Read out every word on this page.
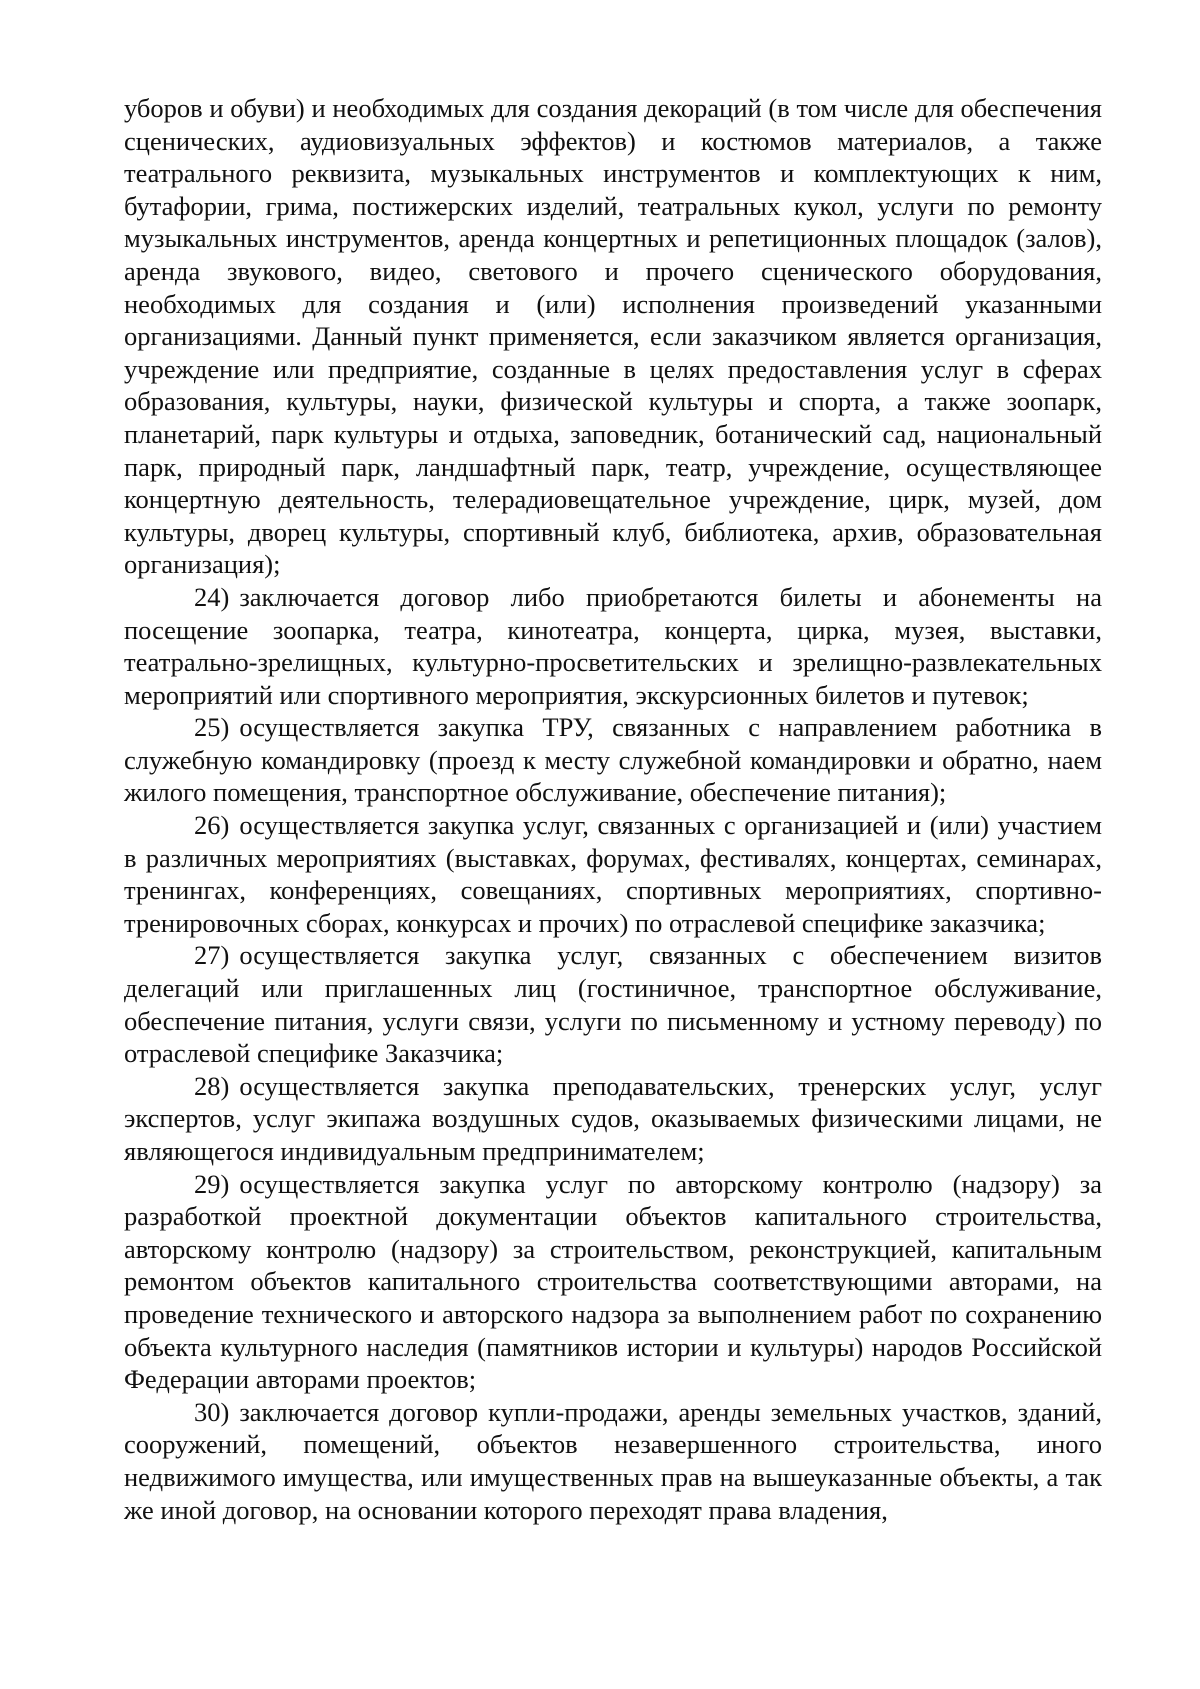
уборов и обуви) и необходимых для создания декораций (в том числе для обеспечения сценических, аудиовизуальных эффектов) и костюмов материалов, а также театрального реквизита, музыкальных инструментов и комплектующих к ним, бутафории, грима, постижерских изделий, театральных кукол, услуги по ремонту музыкальных инструментов, аренда концертных и репетиционных площадок (залов), аренда звукового, видео, светового и прочего сценического оборудования, необходимых для создания и (или) исполнения произведений указанными организациями. Данный пункт применяется, если заказчиком является организация, учреждение или предприятие, созданные в целях предоставления услуг в сферах образования, культуры, науки, физической культуры и спорта, а также зоопарк, планетарий, парк культуры и отдыха, заповедник, ботанический сад, национальный парк, природный парк, ландшафтный парк, театр, учреждение, осуществляющее концертную деятельность, телерадиовещательное учреждение, цирк, музей, дом культуры, дворец культуры, спортивный клуб, библиотека, архив, образовательная организация);

24) заключается договор либо приобретаются билеты и абонементы на посещение зоопарка, театра, кинотеатра, концерта, цирка, музея, выставки, театрально-зрелищных, культурно-просветительских и зрелищно-развлекательных мероприятий или спортивного мероприятия, экскурсионных билетов и путевок;

25) осуществляется закупка ТРУ, связанных с направлением работника в служебную командировку (проезд к месту служебной командировки и обратно, наем жилого помещения, транспортное обслуживание, обеспечение питания);

26) осуществляется закупка услуг, связанных с организацией и (или) участием в различных мероприятиях (выставках, форумах, фестивалях, концертах, семинарах, тренингах, конференциях, совещаниях, спортивных мероприятиях, спортивно-тренировочных сборах, конкурсах и прочих) по отраслевой специфике заказчика;

27) осуществляется закупка услуг, связанных с обеспечением визитов делегаций или приглашенных лиц (гостиничное, транспортное обслуживание, обеспечение питания, услуги связи, услуги по письменному и устному переводу) по отраслевой специфике Заказчика;

28) осуществляется закупка преподавательских, тренерских услуг, услуг экспертов, услуг экипажа воздушных судов, оказываемых физическими лицами, не являющегося индивидуальным предпринимателем;

29) осуществляется закупка услуг по авторскому контролю (надзору) за разработкой проектной документации объектов капитального строительства, авторскому контролю (надзору) за строительством, реконструкцией, капитальным ремонтом объектов капитального строительства соответствующими авторами, на проведение технического и авторского надзора за выполнением работ по сохранению объекта культурного наследия (памятников истории и культуры) народов Российской Федерации авторами проектов;

30) заключается договор купли-продажи, аренды земельных участков, зданий, сооружений, помещений, объектов незавершенного строительства, иного недвижимого имущества, или имущественных прав на вышеуказанные объекты, а так же иной договор, на основании которого переходят права владения,
